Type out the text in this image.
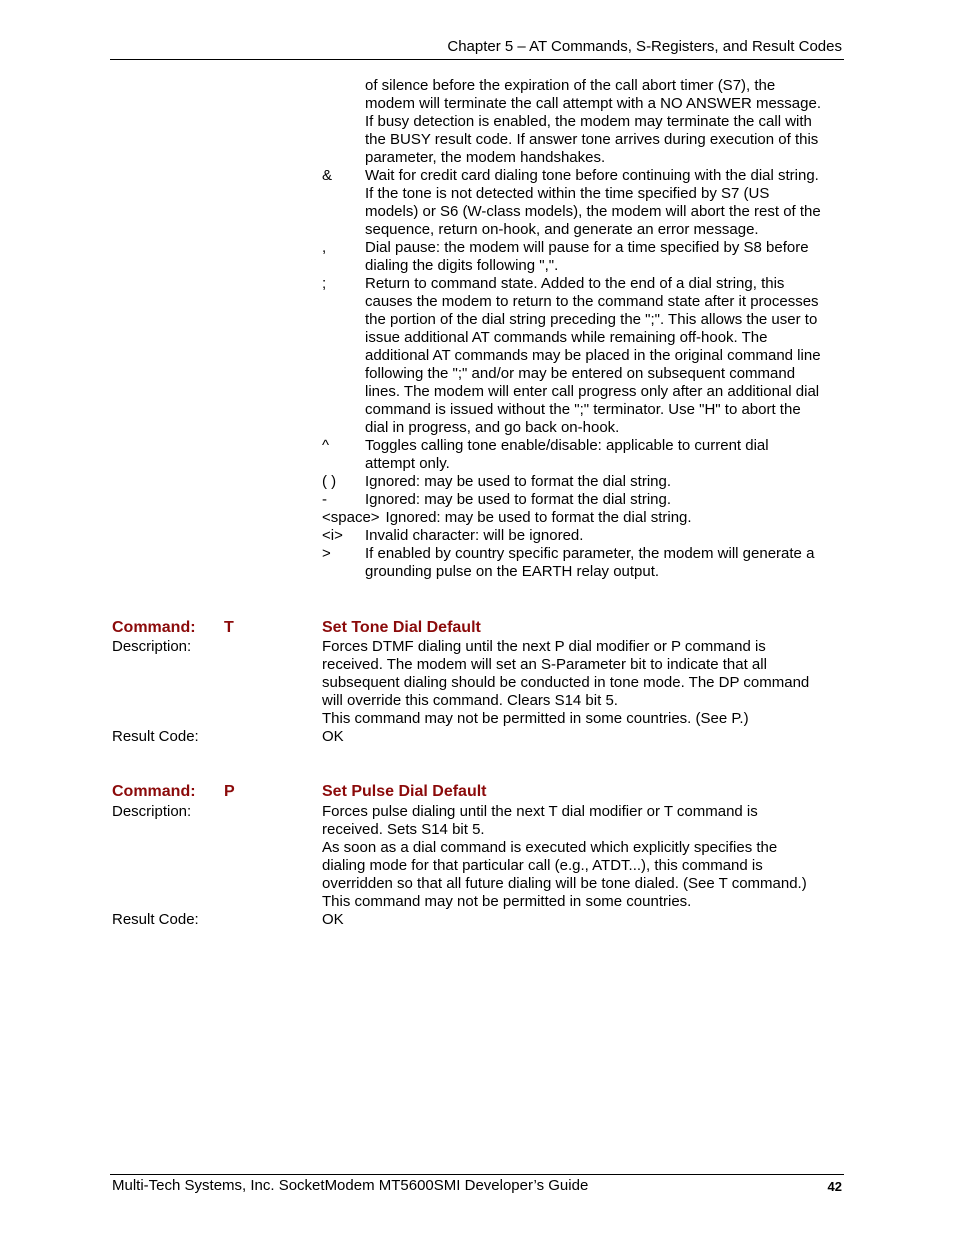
Chapter 5 – AT Commands, S-Registers, and Result Codes
of silence before the expiration of the call abort timer (S7), the
modem will terminate the call attempt with a NO ANSWER message.
If busy detection is enabled, the modem may terminate the call with
the BUSY result code. If answer tone arrives during execution of this
parameter, the modem handshakes.
& Wait for credit card dialing tone before continuing with the dial string.
If the tone is not detected within the time specified by S7 (US
models) or S6 (W-class models), the modem will abort the rest of the
sequence, return on-hook, and generate an error message.
,	Dial pause: the modem will pause for a time specified by S8 before
dialing the digits following ",".
;	Return to command state. Added to the end of a dial string, this
causes the modem to return to the command state after it processes
the portion of the dial string preceding the ";". This allows the user to
issue additional AT commands while remaining off-hook. The
additional AT commands may be placed in the original command line
following the ";" and/or may be entered on subsequent command
lines. The modem will enter call progress only after an additional dial
command is issued without the ";" terminator. Use "H" to abort the
dial in progress, and go back on-hook.
^ Toggles calling tone enable/disable: applicable to current dial
attempt only.
( ) Ignored: may be used to format the dial string.
-	Ignored: may be used to format the dial string.
<space> Ignored: may be used to format the dial string.
<i> Invalid character: will be ignored.
> If enabled by country specific parameter, the modem will generate a
grounding pulse on the EARTH relay output.
Command: T	Set Tone Dial Default
Description:	Forces DTMF dialing until the next P dial modifier or P command is
received. The modem will set an S-Parameter bit to indicate that all
subsequent dialing should be conducted in tone mode. The DP command
will override this command. Clears S14 bit 5.
This command may not be permitted in some countries. (See P.)
Result Code:	OK
Command: P	Set Pulse Dial Default
Description:	Forces pulse dialing until the next T dial modifier or T command is
received. Sets S14 bit 5.
As soon as a dial command is executed which explicitly specifies the
dialing mode for that particular call (e.g., ATDT...), this command is
overridden so that all future dialing will be tone dialed. (See T command.)
This command may not be permitted in some countries.
Result Code:	OK
Multi-Tech Systems, Inc. SocketModem MT5600SMI Developer’s Guide	42
